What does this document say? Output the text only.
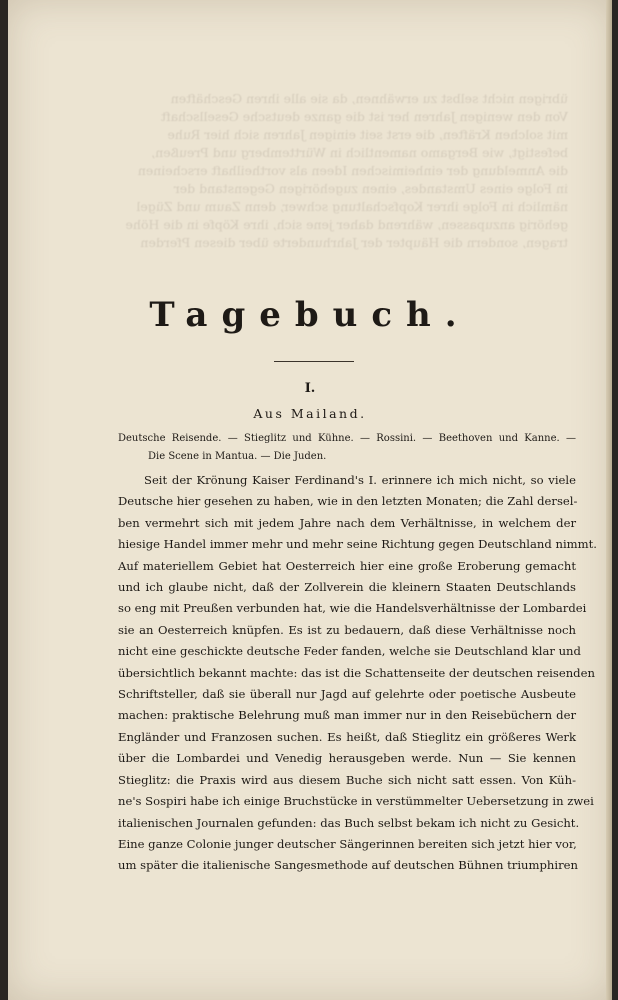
übrigen nicht selbst zu erwähnen, da sie alle ihren Geschäften
Von den wenigen Jahren her ist die ganze deutsche Gesellschaft
mit solchen Kräften, die erst seit einigen Jahren sich hier Ruhe
befestigt, wie Bergamo namentlich in Württemberg und Preußen,
die Anmeldung der einheimischen Ideen als vortheilhaft erscheinen
in Folge eines Umstandes, einen zugehörigen Gegenstand der
nämlich in Folge ihrer Kopfschaltung schwer, denn Zaum und Zügel
gehörig anzupassen, während daher jene sich, ihre Köpfe in die Höhe
tragen, sondern die Häupter der Jahrhunderte über diesen Pferden
Tagebuch.
I.
Aus Mailand.
Deutsche Reisende. — Stieglitz und Kühne. — Rossini. — Beethoven und Kanne. —
Die Scene in Mantua. — Die Juden.
Seit der Krönung Kaiser Ferdinand's I. erinnere ich mich nicht, so viele
Deutsche hier gesehen zu haben, wie in den letzten Monaten; die Zahl dersel-
ben vermehrt sich mit jedem Jahre nach dem Verhältnisse, in welchem der
hiesige Handel immer mehr und mehr seine Richtung gegen Deutschland nimmt.
Auf materiellem Gebiet hat Oesterreich hier eine große Eroberung gemacht
und ich glaube nicht, daß der Zollverein die kleinern Staaten Deutschlands
so eng mit Preußen verbunden hat, wie die Handelsverhältnisse der Lombardei
sie an Oesterreich knüpfen. Es ist zu bedauern, daß diese Verhältnisse noch
nicht eine geschickte deutsche Feder fanden, welche sie Deutschland klar und
übersichtlich bekannt machte: das ist die Schattenseite der deutschen reisenden
Schriftsteller, daß sie überall nur Jagd auf gelehrte oder poetische Ausbeute
machen: praktische Belehrung muß man immer nur in den Reisebüchern der
Engländer und Franzosen suchen. Es heißt, daß Stieglitz ein größeres Werk
über die Lombardei und Venedig herausgeben werde. Nun — Sie kennen
Stieglitz: die Praxis wird aus diesem Buche sich nicht satt essen. Von Küh-
ne's Sospiri habe ich einige Bruchstücke in verstümmelter Uebersetzung in zwei
italienischen Journalen gefunden: das Buch selbst bekam ich nicht zu Gesicht.
Eine ganze Colonie junger deutscher Sängerinnen bereiten sich jetzt hier vor,
um später die italienische Sangesmethode auf deutschen Bühnen triumphiren
